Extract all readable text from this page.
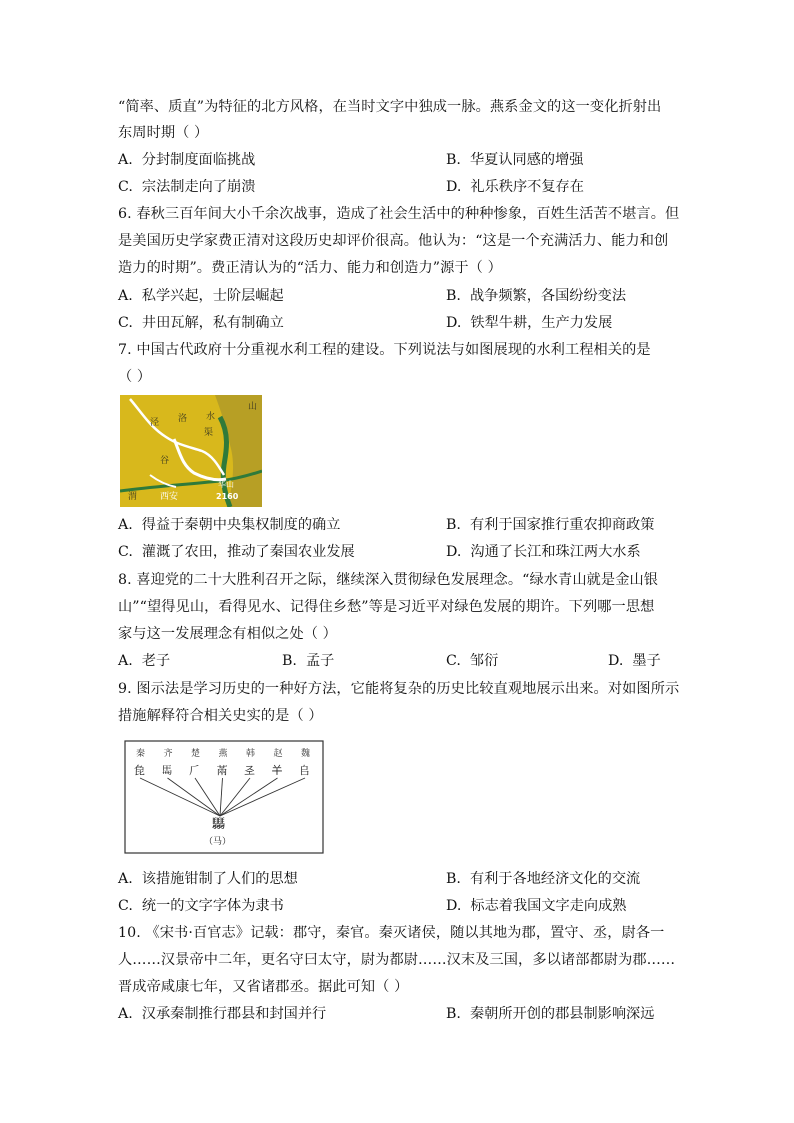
“简率、质直”为特征的北方风格，在当时文字中独成一脉。燕系金文的这一变化折射出
东周时期（ ）
A. 分封制度面临挑战	B. 华夏认同感的增强
C. 宗法制走向了崩溃	D. 礼乐秩序不复存在
6. 春秋三百年间大小千余次战事，造成了社会生活中的种种惨象，百姓生活苦不堪言。但
是美国历史学家费正清对这段历史却评价很高。他认为：“这是一个充满活力、能力和创
造力的时期”。费正清认为的“活力、能力和创造力”源于（ ）
A. 私学兴起，士阶层崛起	B. 战争频繁，各国纷纷变法
C. 井田瓦解，私有制确立	D. 铁犁牛耕，生产力发展
7. 中国古代政府十分重视水利工程的建设。下列说法与如图展现的水利工程相关的是
（ ）
泾 洛 水
渠
谷
山
渭	西安
华山
2160
A. 得益于秦朝中央集权制度的确立	B. 有利于国家推行重农抑商政策
C. 灌溉了农田，推动了秦国农业发展	D. 沟通了长江和珠江两大水系
8. 喜迎党的二十大胜利召开之际，继续深入贯彻绿色发展理念。“绿水青山就是金山银
山”“望得见山，看得见水、记得住乡愁”等是习近平对绿色发展的期许。下列哪一思想
家与这一发展理念有相似之处（ ）
A. 老子	B. 孟子	C. 邹衍	D. 墨子
9. 图示法是学习历史的一种好方法，它能将复杂的历史比较直观地展示出来。对如图所示
措施解释符合相关史实的是（ ）
秦 齐 楚 燕 韩 赵 魏
㲋 𩡧 𠂆 㒼 𢀖 𢆉 𠂤
𩧢
（马）
A. 该措施钳制了人们的思想	B. 有利于各地经济文化的交流
C. 统一的文字字体为隶书	D. 标志着我国文字走向成熟
10. 《宋书·百官志》记载：郡守，秦官。秦灭诸侯，随以其地为郡，置守、丞，尉各一
人……汉景帝中二年，更名守曰太守，尉为都尉……汉末及三国，多以诸部都尉为郡……
晋成帝咸康七年，又省诸郡丞。据此可知（ ）
A. 汉承秦制推行郡县和封国并行	B. 秦朝所开创的郡县制影响深远
